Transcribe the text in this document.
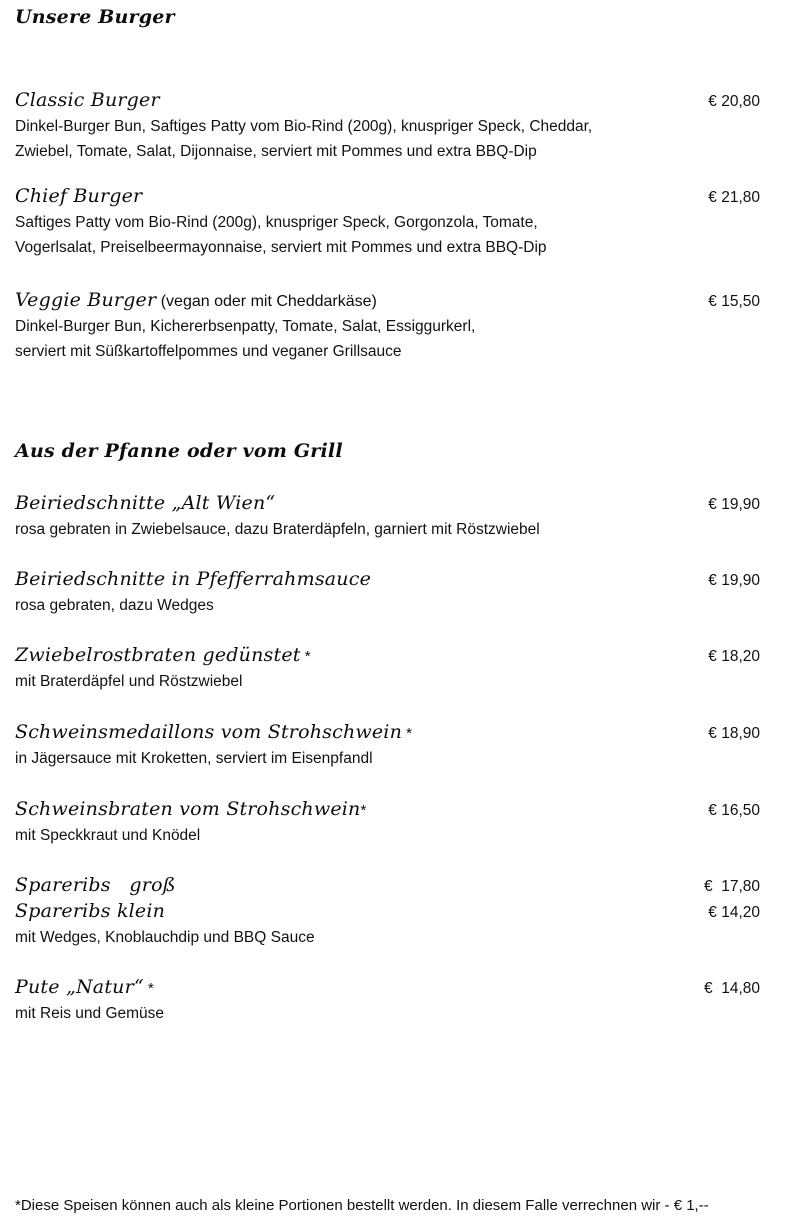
Unsere Burger
Classic Burger	€ 20,80
Dinkel-Burger Bun, Saftiges Patty vom Bio-Rind (200g), knuspriger Speck, Cheddar,
Zwiebel, Tomate, Salat, Dijonnaise, serviert mit Pommes und extra BBQ-Dip
Chief Burger	€ 21,80
Saftiges Patty vom Bio-Rind (200g), knuspriger Speck, Gorgonzola, Tomate,
Vogerlsalat, Preiselbeermayonnaise, serviert mit Pommes und extra BBQ-Dip
Veggie Burger (vegan oder mit Cheddarkäse)	€ 15,50
Dinkel-Burger Bun, Kichererbsenpatty, Tomate, Salat, Essiggurkerl,
serviert mit Süßkartoffelpommes und veganer Grillsauce
Aus der Pfanne oder vom Grill
Beiriedschnitte „Alt Wien“	€ 19,90
rosa gebraten in Zwiebelsauce, dazu Braterdäpfeln, garniert mit Röstzwiebel
Beiriedschnitte in Pfefferrahmsauce	€ 19,90
rosa gebraten, dazu Wedges
Zwiebelrostbraten gedünstet *	€ 18,20
mit Braterdäpfel und Röstzwiebel
Schweinsmedaillons vom Strohschwein *	€ 18,90
in Jägersauce mit Kroketten, serviert im Eisenpfandl
Schweinsbraten vom Strohschwein*	€ 16,50
mit Speckkraut und Knödel
Spareribs   groß	€  17,80
Spareribs klein	€ 14,20
mit Wedges, Knoblauchdip und BBQ Sauce
Pute „Natur“ *	€  14,80
mit Reis und Gemüse
*Diese Speisen können auch als kleine Portionen bestellt werden. In diesem Falle verrechnen wir - € 1,--
